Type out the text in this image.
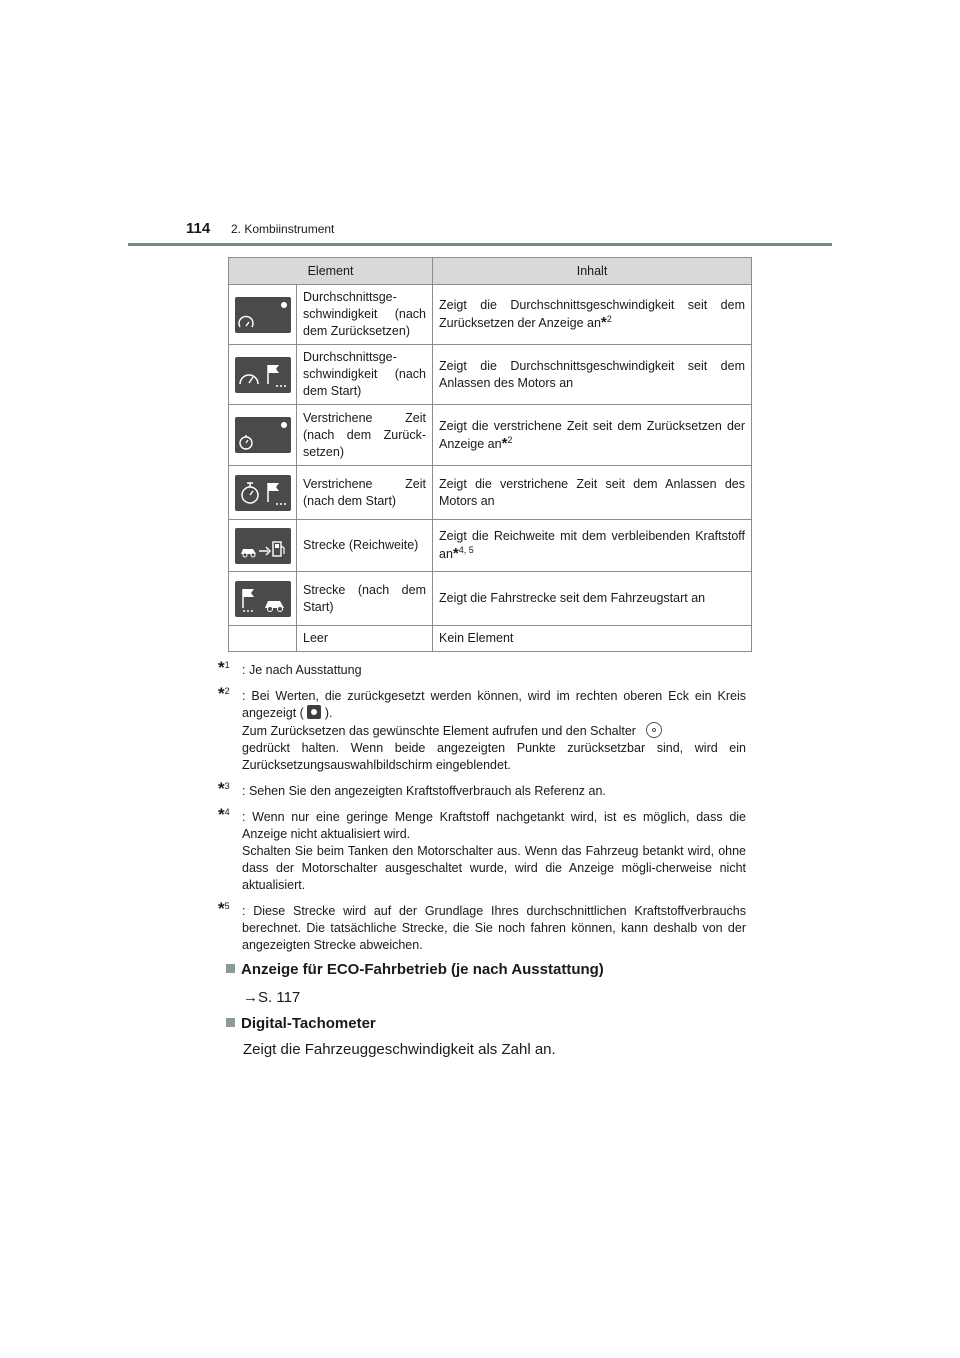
114 2. Kombiinstrument
Element		Inhalt

	Durchschnittsge-schwindigkeit (nach dem Zurücksetzen)	Zeigt die Durchschnittsgeschwindigkeit seit dem Zurücksetzen der Anzeige an*$^2$

	Durchschnittsge-schwindigkeit (nach dem Start)	Zeigt die Durchschnittsgeschwindigkeit seit dem Anlassen des Motors an

	Verstrichene Zeit (nach dem Zurück-setzen)	Zeigt die verstrichene Zeit seit dem Zurücksetzen der Anzeige an*$^2$

	Verstrichene Zeit (nach dem Start)	Zeigt die verstrichene Zeit seit dem Anlassen des Motors an

	Strecke (Reichweite)	Zeigt die Reichweite mit dem verbleibenden Kraftstoff an*$^{4, 5}$

	Strecke (nach dem Start)	Zeigt die Fahrstrecke seit dem Fahrzeugstart an
	Leer	Kein Element
*$^1$ : Je nach Ausstattung
*$^2$ : Bei Werten, die zurückgesetzt werden können, wird im rechten oberen Eck ein Kreis angezeigt ( ).
Zum Zurücksetzen das gewünschte Element aufrufen und den Schalter
gedrückt halten. Wenn beide angezeigten Punkte zurücksetzbar sind, wird ein Zurücksetzungsauswahlbildschirm eingeblendet.
*$^3$ : Sehen Sie den angezeigten Kraftstoffverbrauch als Referenz an.
*$^4$ : Wenn nur eine geringe Menge Kraftstoff nachgetankt wird, ist es möglich, dass die Anzeige nicht aktualisiert wird.
Schalten Sie beim Tanken den Motorschalter aus. Wenn das Fahrzeug betankt wird, ohne dass der Motorschalter ausgeschaltet wurde, wird die Anzeige mögli-cherweise nicht aktualisiert.
*$^5$ : Diese Strecke wird auf der Grundlage Ihres durchschnittlichen Kraftstoffverbrauchs berechnet. Die tatsächliche Strecke, die Sie noch fahren können, kann deshalb von der angezeigten Strecke abweichen.
Anzeige für ECO-Fahrbetrieb (je nach Ausstattung)
→S. 117
Digital-Tachometer
Zeigt die Fahrzeuggeschwindigkeit als Zahl an.
